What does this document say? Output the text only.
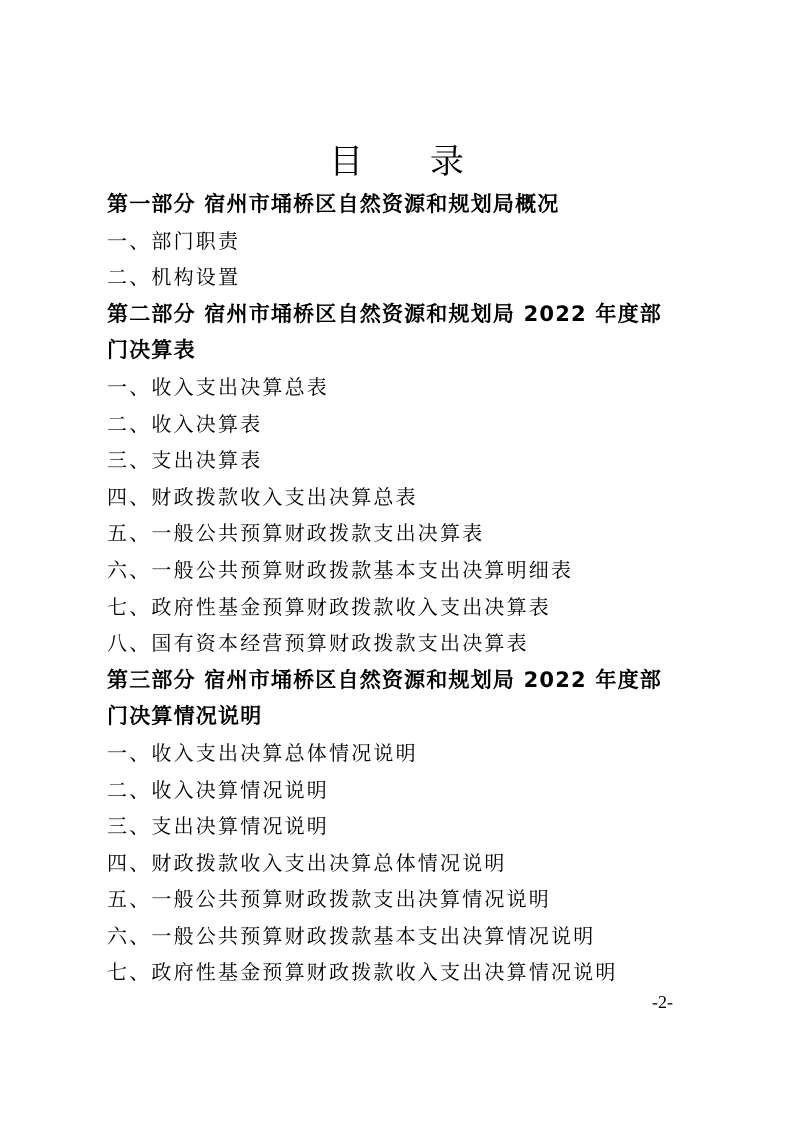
目 录
第一部分 宿州市埇桥区自然资源和规划局概况
一、部门职责
二、机构设置
第二部分 宿州市埇桥区自然资源和规划局 2022 年度部
门决算表
一、收入支出决算总表
二、收入决算表
三、支出决算表
四、财政拨款收入支出决算总表
五、一般公共预算财政拨款支出决算表
六、一般公共预算财政拨款基本支出决算明细表
七、政府性基金预算财政拨款收入支出决算表
八、国有资本经营预算财政拨款支出决算表
第三部分 宿州市埇桥区自然资源和规划局 2022 年度部
门决算情况说明
一、收入支出决算总体情况说明
二、收入决算情况说明
三、支出决算情况说明
四、财政拨款收入支出决算总体情况说明
五、一般公共预算财政拨款支出决算情况说明
六、一般公共预算财政拨款基本支出决算情况说明
七、政府性基金预算财政拨款收入支出决算情况说明
-2-
